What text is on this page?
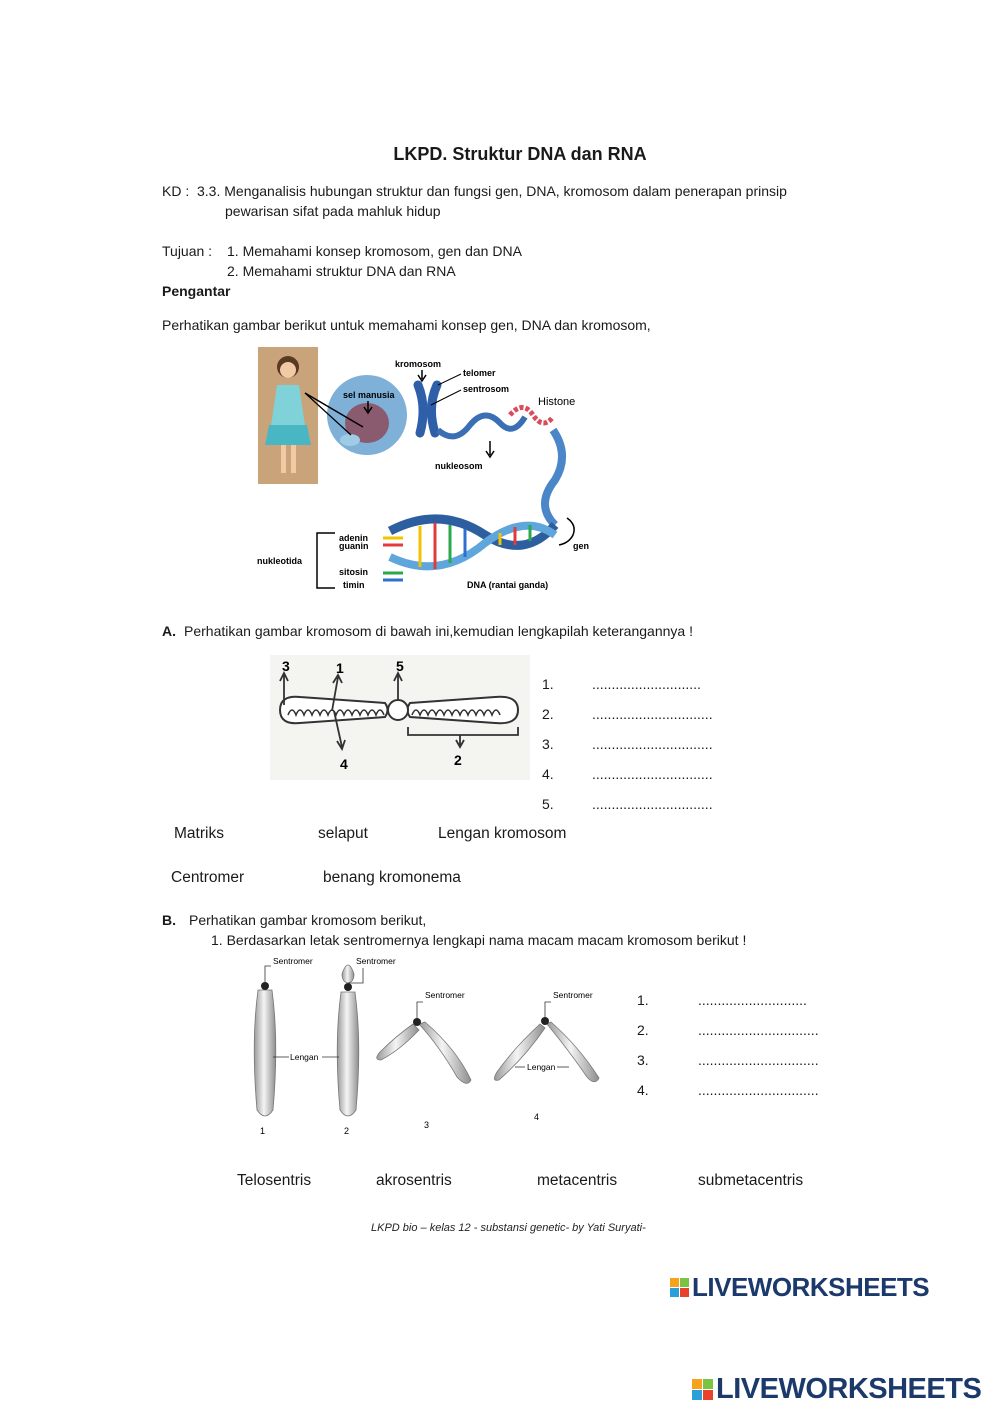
LKPD. Struktur DNA dan RNA
KD : 3.3. Menganalisis hubungan struktur dan fungsi gen, DNA, kromosom dalam penerapan prinsip
pewarisan sifat pada mahluk hidup
Tujuan : 1. Memahami konsep kromosom, gen dan DNA
2. Memahami struktur DNA dan RNA
Pengantar
Perhatikan gambar berikut untuk memahami konsep gen, DNA dan kromosom,
sel manusia
kromosom
telomer
sentrosom
Histone
nukleosom
adenin
guanin
sitosin
timin
nukleotida
DNA (rantai ganda)
gen
A. Perhatikan gambar kromosom di bawah ini,kemudian lengkapilah keterangannya !
3	1	5
4	2
1.	............................
2.	...............................
3.	...............................
4.	...............................
5.	...............................
Matriks	selaput	Lengan kromosom
Centromer	benang kromonema
B. Perhatikan gambar kromosom berikut,
1. Berdasarkan letak sentromernya lengkapi nama macam macam kromosom berikut !
Sentromer	Sentromer
Lengan
Sentromer	Sentromer
Lengan
1	2
3
4
1.	............................
2.	...............................
3.	...............................
4.	...............................
Telosentris	akrosentris	metacentris	submetacentris
LKPD bio – kelas 12 - substansi genetic- by Yati Suryati-
LIVEWORKSHEETS
LIVEWORKSHEETS
